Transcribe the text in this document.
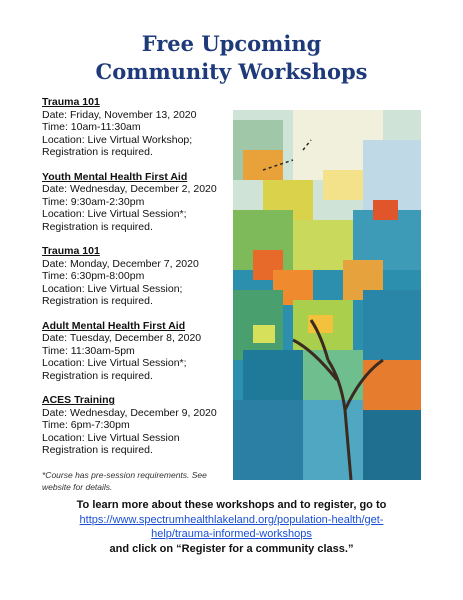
Free Upcoming
Community Workshops
Trauma 101
Date: Friday, November 13, 2020
Time: 10am-11:30am
Location: Live Virtual Workshop;
Registration is required.
Youth Mental Health First Aid
Date: Wednesday, December 2, 2020
Time: 9:30am-2:30pm
Location: Live Virtual Session*;
Registration is required.
Trauma 101
Date: Monday, December 7, 2020
Time: 6:30pm-8:00pm
Location: Live Virtual Session;
Registration is required.
Adult Mental Health First Aid
Date: Tuesday, December 8, 2020
Time: 11:30am-5pm
Location: Live Virtual Session*;
Registration is required.
ACES Training
Date: Wednesday, December 9, 2020
Time: 6pm-7:30pm
Location: Live Virtual Session
Registration is required.
*Course has pre-session requirements. See website for details.
To learn more about these workshops and to register, go to
https://www.spectrumhealthlakeland.org/population-health/get-help/trauma-informed-workshops
and click on “Register for a community class.”
